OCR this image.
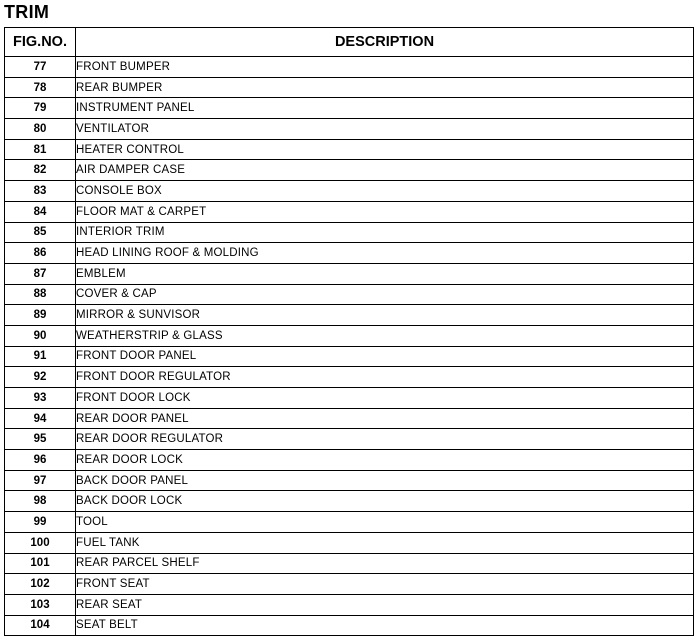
TRIM
FIG.NO.	DESCRIPTION
77	FRONT BUMPER
78	REAR BUMPER
79	INSTRUMENT PANEL
80	VENTILATOR
81	HEATER CONTROL
82	AIR DAMPER CASE
83	CONSOLE BOX
84	FLOOR MAT & CARPET
85	INTERIOR TRIM
86	HEAD LINING ROOF & MOLDING
87	EMBLEM
88	COVER & CAP
89	MIRROR & SUNVISOR
90	WEATHERSTRIP & GLASS
91	FRONT DOOR PANEL
92	FRONT DOOR REGULATOR
93	FRONT DOOR LOCK
94	REAR DOOR PANEL
95	REAR DOOR REGULATOR
96	REAR DOOR LOCK
97	BACK DOOR PANEL
98	BACK DOOR LOCK
99	TOOL
100	FUEL TANK
101	REAR PARCEL SHELF
102	FRONT SEAT
103	REAR SEAT
104	SEAT BELT
